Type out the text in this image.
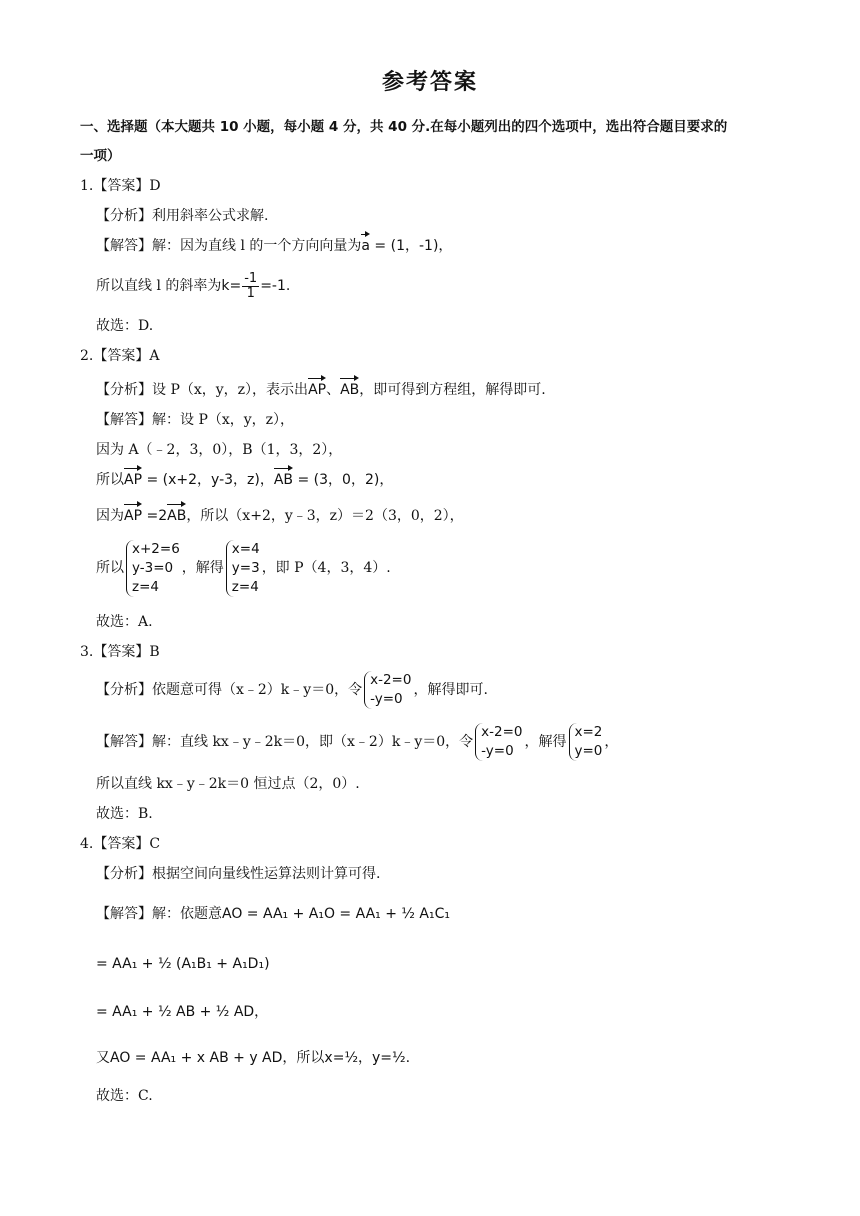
参考答案
一、选择题（本大题共 10 小题，每小题 4 分，共 40 分.在每小题列出的四个选项中，选出符合题目要求的
一项）
1.【答案】D
【分析】利用斜率公式求解.
【解答】解：因为直线 l 的一个方向向量为a = (1，-1)，
所以直线 l 的斜率为$k= \frac{-1}{1} =-1$.
故选：D.
2.【答案】A
【分析】设 P（x，y，z），表示出AP、AB，即可得到方程组，解得即可.
【解答】解：设 P（x，y，z），
因为 A（﹣2，3，0），B（1，3，2），
所以AP = (x+2，y-3，z)，AB = (3，0，2)，
因为AP =2AB，所以（x+2，y﹣3，z）＝2（3，0，2），
所以
x+2=6
y-3=0
z=4
，解得
x=4
y=3
z=4
，即 P（4，3，4）.
故选：A.
3.【答案】B
【分析】依题意可得（x﹣2）k﹣y＝0，令
x-2=0
-y=0
，解得即可.
【解答】解：直线 kx﹣y﹣2k＝0，即（x﹣2）k﹣y＝0，令
x-2=0
-y=0
，解得
x=2
y=0
，
所以直线 kx﹣y﹣2k＝0 恒过点（2，0）.
故选：B.
4.【答案】C
【分析】根据空间向量线性运算法则计算可得.
【解答】解：依题意AO = AA₁ + A₁O = AA₁ + ½ A₁C₁
= AA₁ + ½ (A₁B₁ + A₁D₁)
= AA₁ + ½ AB + ½ AD，
又AO = AA₁ + x AB + y AD，所以x=½，y=½.
故选：C.
